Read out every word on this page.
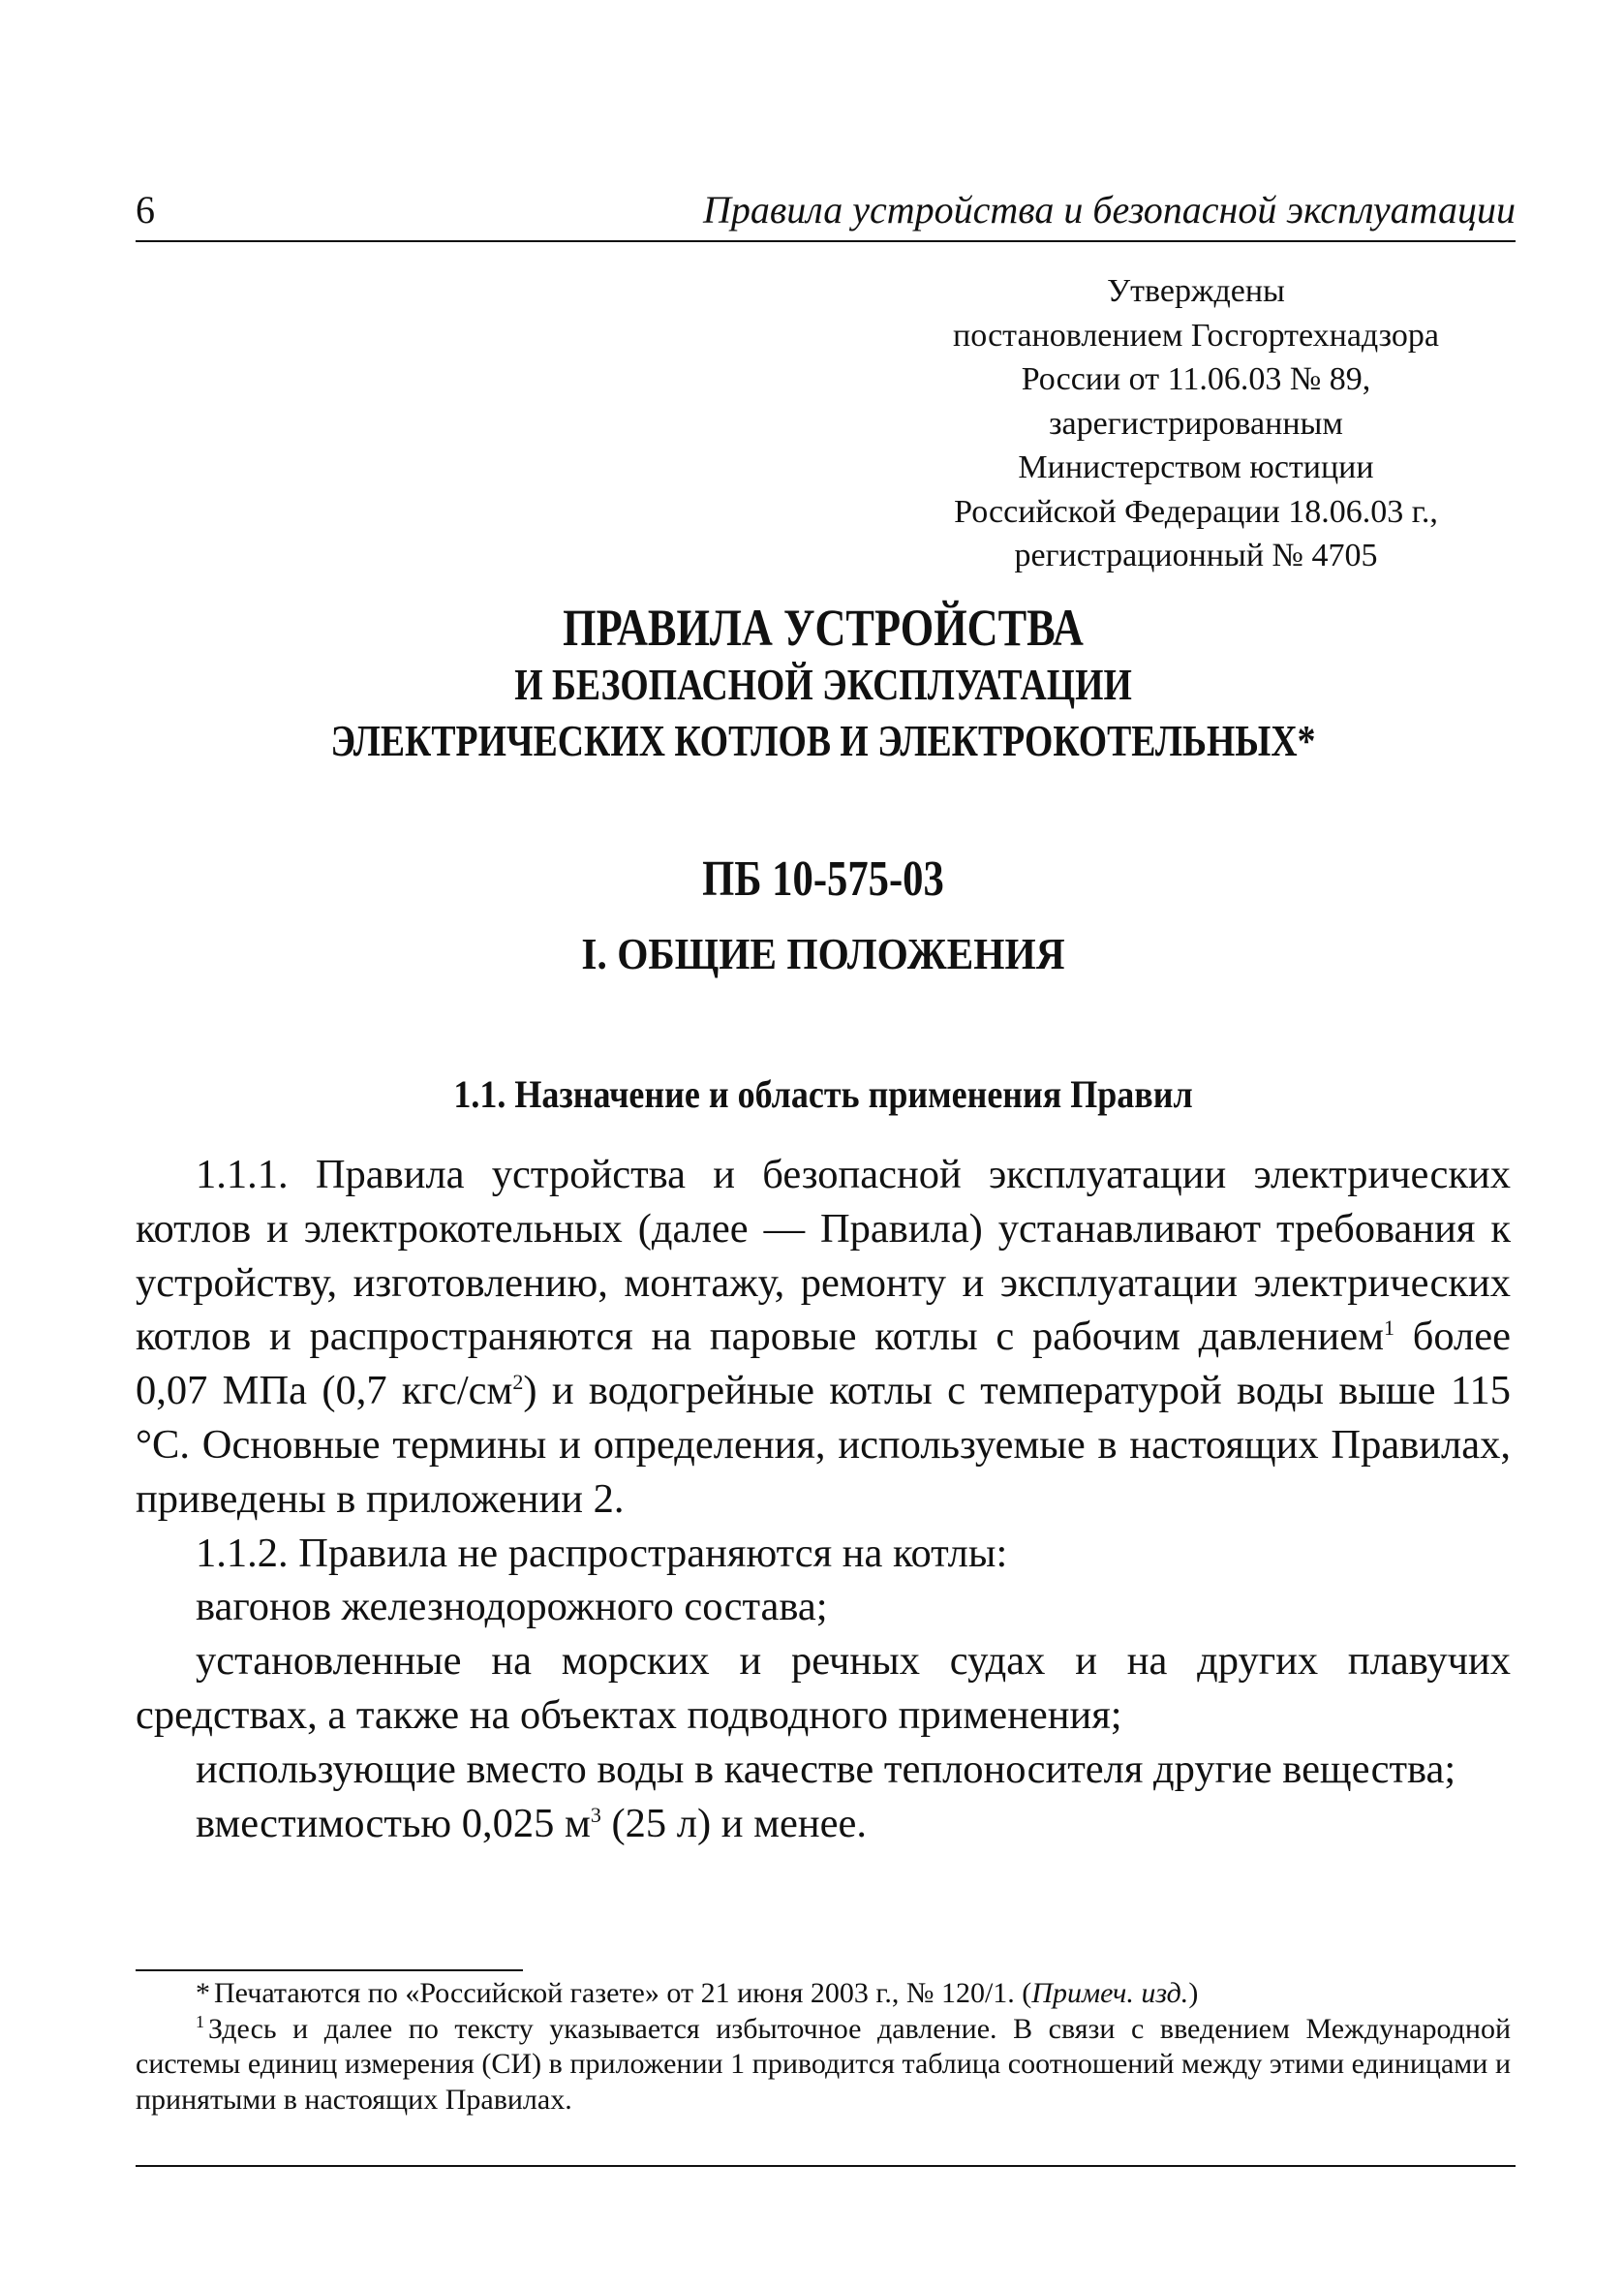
6	Правила устройства и безопасной эксплуатации
Утверждены
постановлением Госгортехнадзора
России от 11.06.03 № 89,
зарегистрированным
Министерством юстиции
Российской Федерации 18.06.03 г.,
регистрационный № 4705
ПРАВИЛА УСТРОЙСТВА
И БЕЗОПАСНОЙ ЭКСПЛУАТАЦИИ
ЭЛЕКТРИЧЕСКИХ КОТЛОВ И ЭЛЕКТРОКОТЕЛЬНЫХ*
ПБ 10-575-03
I. ОБЩИЕ ПОЛОЖЕНИЯ
1.1. Назначение и область применения Правил

1.1.1. Правила устройства и безопасной эксплуатации электрических котлов и электрокотельных (далее — Правила) устанавливают требования к устройству, изготовлению, монтажу, ремонту и эксплуатации электрических котлов и распространяются на паровые котлы с рабочим давлением$^1$ более 0,07 МПа (0,7 кгс/$см^2$) и водогрейные котлы с температурой воды выше 115 °С. Основные термины и определения, используемые в настоящих Правилах, приведены в приложении 2.

1.1.2. Правила не распространяются на котлы:

вагонов железнодорожного состава;

установленные на морских и речных судах и на других плавучих средствах, а также на объектах подводного применения;

использующие вместо воды в качестве теплоносителя другие вещества;

вместимостью 0,025 $м^3$ (25 л) и менее.

* Печатаются по «Российской газете» от 21 июня 2003 г., № 120/1. (Примеч. изд.)

$^1$ Здесь и далее по тексту указывается избыточное давление. В связи с введением Международной системы единиц измерения (СИ) в приложении 1 приводится таблица соотношений между этими единицами и принятыми в настоящих Правилах.
